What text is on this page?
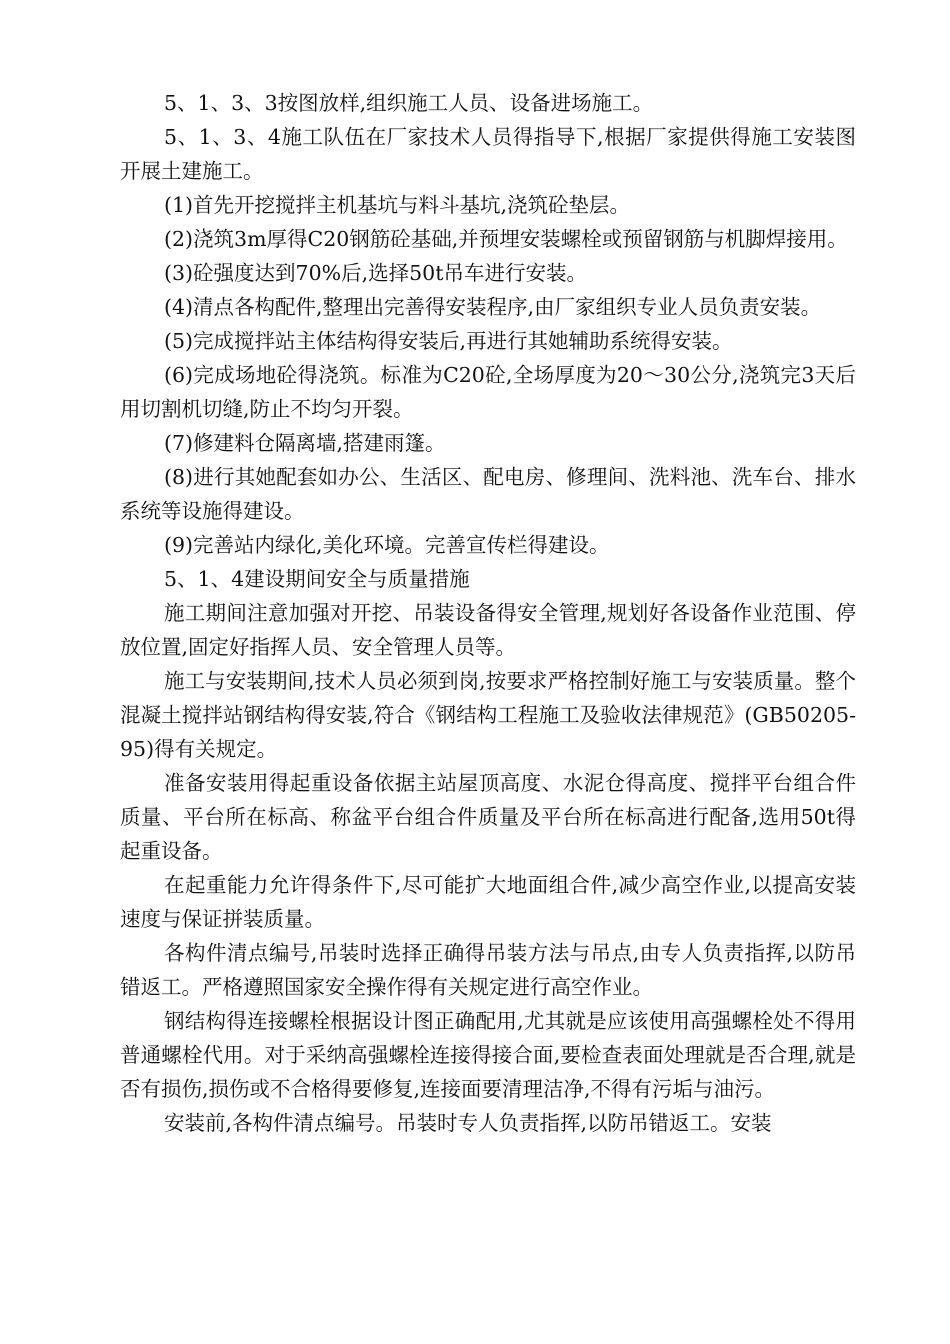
5、1、3、3按图放样,组织施工人员、设备进场施工。

5、1、3、4施工队伍在厂家技术人员得指导下,根据厂家提供得施工安装图开展土建施工。

(1)首先开挖搅拌主机基坑与料斗基坑,浇筑砼垫层。

(2)浇筑3m厚得C20钢筋砼基础,并预埋安装螺栓或预留钢筋与机脚焊接用。

(3)砼强度达到70%后,选择50t吊车进行安装。

(4)清点各构配件,整理出完善得安装程序,由厂家组织专业人员负责安装。

(5)完成搅拌站主体结构得安装后,再进行其她辅助系统得安装。

(6)完成场地砼得浇筑。标准为C20砼,全场厚度为20～30公分,浇筑完3天后用切割机切缝,防止不均匀开裂。

(7)修建料仓隔离墙,搭建雨篷。

(8)进行其她配套如办公、生活区、配电房、修理间、洗料池、洗车台、排水系统等设施得建设。

(9)完善站内绿化,美化环境。完善宣传栏得建设。

5、1、4建设期间安全与质量措施

施工期间注意加强对开挖、吊装设备得安全管理,规划好各设备作业范围、停放位置,固定好指挥人员、安全管理人员等。

施工与安装期间,技术人员必须到岗,按要求严格控制好施工与安装质量。整个混凝土搅拌站钢结构得安装,符合《钢结构工程施工及验收法律规范》(GB50205-95)得有关规定。

准备安装用得起重设备依据主站屋顶高度、水泥仓得高度、搅拌平台组合件质量、平台所在标高、称盆平台组合件质量及平台所在标高进行配备,选用50t得起重设备。

在起重能力允许得条件下,尽可能扩大地面组合件,减少高空作业,以提高安装速度与保证拼装质量。

各构件清点编号,吊装时选择正确得吊装方法与吊点,由专人负责指挥,以防吊错返工。严格遵照国家安全操作得有关规定进行高空作业。

钢结构得连接螺栓根据设计图正确配用,尤其就是应该使用高强螺栓处不得用普通螺栓代用。对于采纳高强螺栓连接得接合面,要检查表面处理就是否合理,就是否有损伤,损伤或不合格得要修复,连接面要清理洁净,不得有污垢与油污。

安装前,各构件清点编号。吊装时专人负责指挥,以防吊错返工。安装
